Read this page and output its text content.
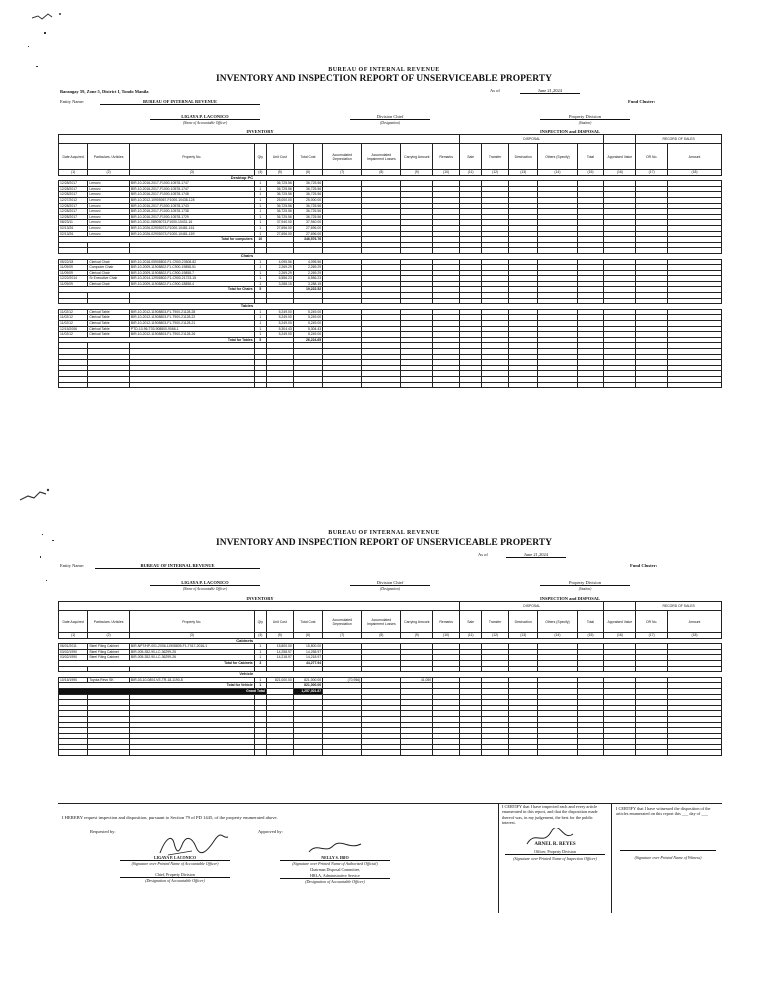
BUREAU OF INTERNAL REVENUE
INVENTORY AND INSPECTION REPORT OF UNSERVICEABLE PROPERTY
As of	June 21,2024
Barangay 59, Zone 5, District I, Tondo Manila
Entity Name:	BUREAU OF INTERNAL REVENUE	Fund Cluster:
LIGAYA P. LACONICO
(Name of Accountable Officer)
Division Chief
(Designation)
Property Division
(Station)
INVENTORY	INSPECTION and DISPOSAL
										DISPOSAL						RECORD OF SALES	
Date Acquired	Particulars / Articles	Property No.	Qty	Unit Cost	Total Cost	Accumulated Depreciation	Accumulated Impairment Losses	Carrying Amount	Remarks	Sale	Transfer	Destruction	Others (Specify)	Total	Appraised Value	OR No.	Amount
(1)	(2)	(3)	(4)	(5)	(6)	(7)	(8)	(9)	(10)	(11)	(12)	(13)	(14)	(15)	(16)	(17)	(18)
		Desktop PC															
12/28/2017	Lenovo	BIR-10-2016-2017-F1000-10578-1747	1	36,725.56	36,725.56												
12/28/2017	Lenovo	BIR-10-2016-2017-F1000-10578-1747	1	36,725.56	36,725.56												
12/28/2017	Lenovo	BIR-10-2016-2017-F1000-10578-1748	1	36,725.56	36,725.56												
12/27/2012	Lenovo	BIR-10-2012-10905067-F1000-10438-128	1	25,000.00	25,000.00												
12/28/2017	Lenovo	BIR-10-2016-2017-F1000-10578-1743	1	36,725.56	36,725.56												
12/28/2017	Lenovo	BIR-10-2016-2017-F1000-10578-1738	1	36,725.56	36,725.56												
12/28/2017	Lenovo	BIR-10-2016-2017-F1000-10578-1729	1	36,725.56	36,725.56												
08/23/11	Lenovo	BIR-10-2011-08905073-F1000-10431-16	1	37,940.00	37,940.00												
02/13/26	Lenovo	BIR-10-2026-02905073-F1000-10481-161	1	27,696.00	27,696.00												
02/13/26	Lenovo	BIR-10-2026-02905073-F1000-10481-159	1	27,696.00	27,696.00												
Total for computers			10		346,576.76												

		Chairs															
05/22/18	Clerical Chair	BIR-10-2018-05908802-F1-C900-23508-82	1	4,095.56	4,095.56												
11/09/09	Computer Chair	BIR-10-2009-11908802-F1-C900-19858-51	1	2,269.29	2,269.29												
11/09/09	Clerical Chair	BIR-10-2009-11908802-F1-C900-19858-7	1	2,269.29	2,269.29												
12/22/2014	Sr Executive Chair	BIR-10-2014-12908802-F1-C900-21723-15	1	6,556.23	6,556.23												
11/09/09	Clerical Chair	BIR-10-2009-11908802-F1-C900-18858-4	1	3,288.15	3,288.15												
Total for Chairs			5		19,222.52												

		Tables															
11/02/12	Clerical Table	BIR-10-2012-11908803-F1-T900-21128-28	1	5,249.00	5,249.00												
11/02/12	Clerical Table	BIR-10-2012-11908803-F1-T900-21128-22	1	5,249.00	5,249.00												
11/02/12	Clerical Table	BIR-10-2012-11908803-F1-T900-21128-21	1	5,249.00	5,249.00												
12/15/2006	Clerical Table	PTD-10-96-T03-908800-9066-1	1	5,304.43	5,304.43												
11/02/12	Clerical Table	BIR-10-2012-11908803-F1-T900-21128-26	1	5,249.00	5,249.00												
Total for Tables			5		26,224.65												

BUREAU OF INTERNAL REVENUE
INVENTORY AND INSPECTION REPORT OF UNSERVICEABLE PROPERTY
As of	June 21,2024
Entity Name:	BUREAU OF INTERNAL REVENUE	Fund Cluster:
LIGAYA P. LACONICO
(Name of Accountable Officer)
Division Chief
(Designation)
Property Division
(Station)
INVENTORY	INSPECTION and DISPOSAL
										DISPOSAL						RECORD OF SALES	
Date Acquired	Particulars / Articles	Property No.	Qty	Unit Cost	Total Cost	Accumulated Depreciation	Accumulated Impairment Losses	Carrying Amount	Remarks	Sale	Transfer	Destruction	Others (Specify)	Total	Appraised Value	OR No.	Amount
(1)	(2)	(3)	(4)	(5)	(6)	(7)	(8)	(9)	(10)	(11)	(12)	(13)	(14)	(15)	(16)	(17)	(18)
		Cabinets															
06/01/2011	Steel Filing Cabinet	BIR-NPT/HP-001-2006-11908805-F1-T017-2016-1	1	15,800.00	15,800.00												
03/02/1990	Steel Filing Cabinet	BIR-005-352-90-LC-36299-25	1	14,258.97	14,258.97												
03/02/1990	Steel Filing Cabinet	BIR-005-352-90-LC-36299-26	1	14,218.97	14,218.97												
Total for Cabinets			3		44,277.94												

		Vehicle															
10/15/1990	Toyota Revo SK	BIR-03-10-0804-VE-TR-18-1190-8	1	821,000.00	821,000.00	(70,956)		41,050									
Total for Vehicle			1		821,000.00												
Grand Total					1,257,301.87												

I HEREBY request inspection and disposition, pursuant to Section 79 of PD 1445, of the property enumerated above.
Requested by:	Approved by:
LIGAYA P. LACONICO
(Signature over Printed Name of Accountable Officer)
Chief, Property Division
(Designation of Accountable Officer)
NELLY S. IBIO
(Signature over Printed Name of Authorized Official)
Chairman Disposal Committee,
HRLA, Administrative Service
(Designation of Accountable Officer)
I CERTIFY that I have inspected each and every article enumerated in this report, and that the disposition made thereof was, in my judgement, the best for the public interest.
ARNEL R. REYES
Officer, Property Division
(Signature over Printed Name of Inspection Officer)
I CERTIFY that I have witnessed the disposition of the articles enumerated on this report this ___ day of ___
(Signature over Printed Name of Witness)
